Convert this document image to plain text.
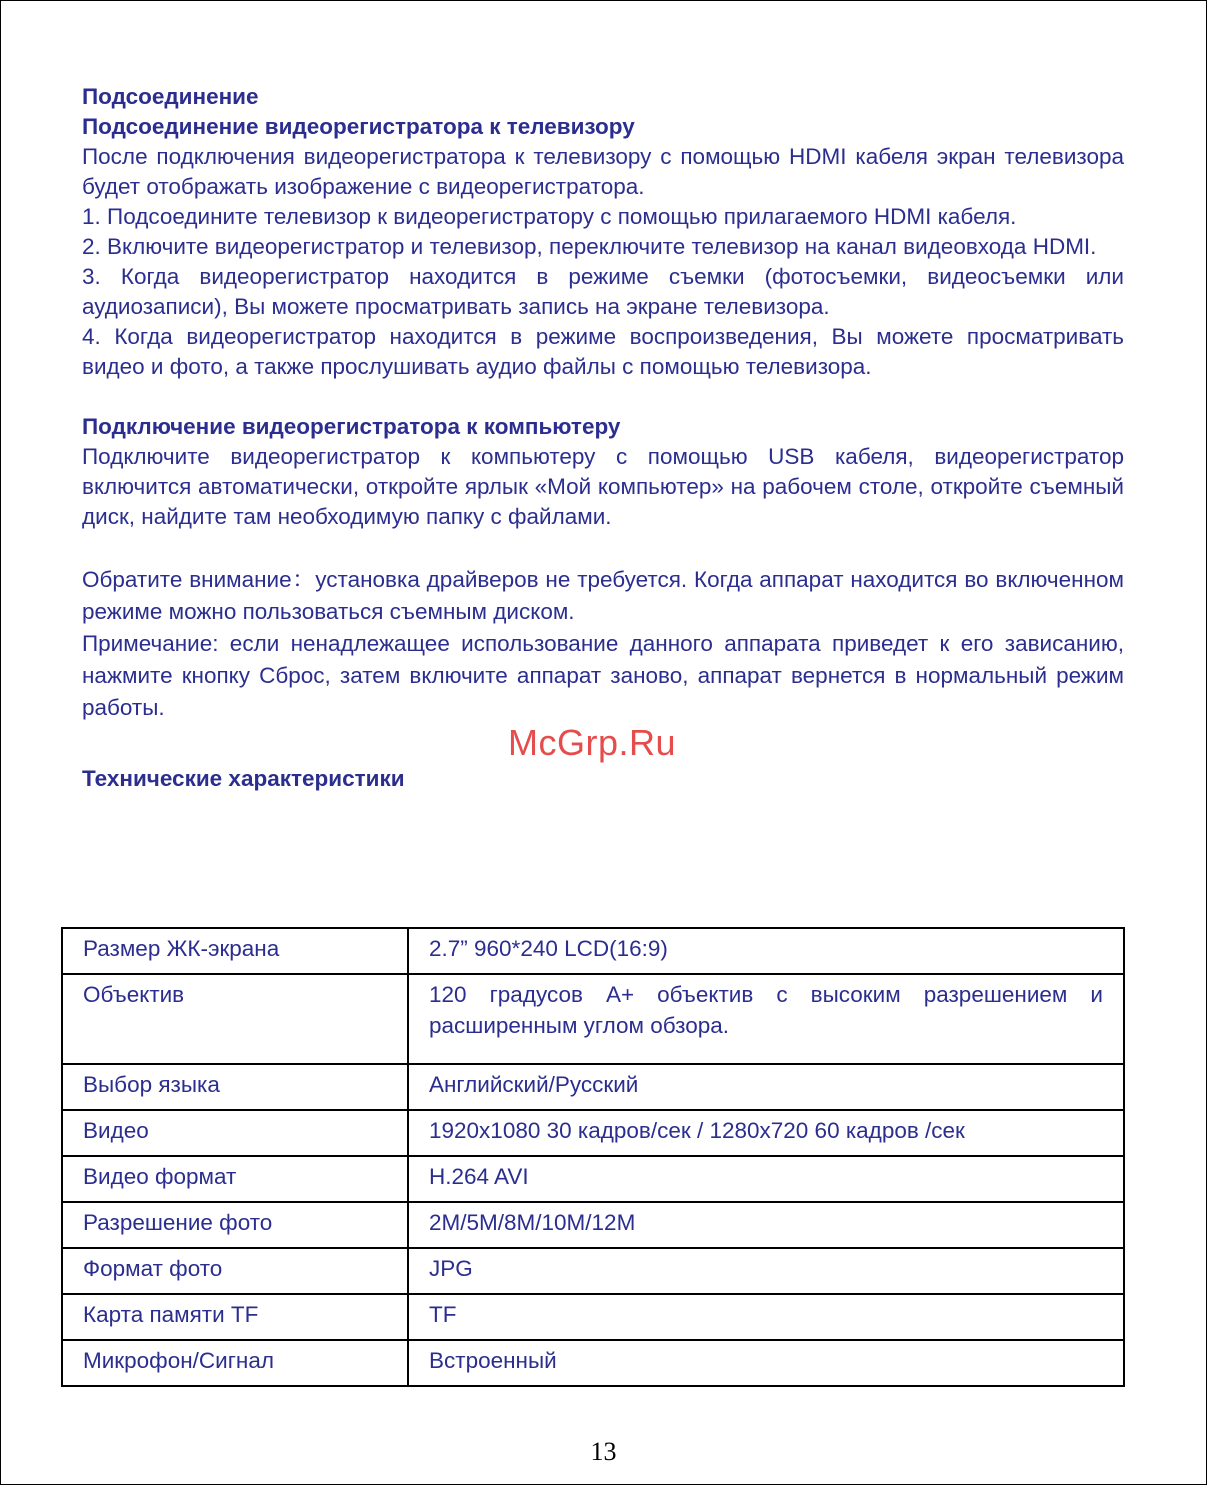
Подсоединение
Подсоединение видеорегистратора к телевизору

После подключения видеорегистратора к телевизору с помощью HDMI кабеля экран телевизора будет отображать изображение с видеорегистратора.

1. Подсоедините телевизор к видеорегистратору с помощью прилагаемого HDMI кабеля.

2. Включите видеорегистратор и телевизор, переключите телевизор на канал видеовхода HDMI.

3. Когда видеорегистратор находится в режиме съемки (фотосъемки, видеосъемки или аудиозаписи), Вы можете просматривать запись на экране телевизора.

4. Когда видеорегистратор находится в режиме воспроизведения, Вы можете просматривать видео и фото, а также прослушивать аудио файлы с помощью телевизора.

Подключение видеорегистратора к компьютеру

Подключите видеорегистратор к компьютеру с помощью USB кабеля, видеорегистратор включится автоматически, откройте ярлык «Мой компьютер» на рабочем столе, откройте съемный диск, найдите там необходимую папку с файлами.

Обратите внимание：установка драйверов не требуется. Когда аппарат находится во включенном режиме можно пользоваться съемным диском.

Примечание: если ненадлежащее использование данного аппарата приведет к его зависанию, нажмите кнопку Сброс, затем включите аппарат заново, аппарат вернется в нормальный режим работы.

Технические характеристики
Размер ЖК-экрана	2.7” 960*240 LCD(16:9)
Объектив	120 градусов A+ объектив с высоким разрешением и расширенным углом обзора.
Выбор языка	Английский/Русский
Видео	1920x1080 30 кадров/сек / 1280x720 60 кадров /сек
Видео формат	H.264 AVI
Разрешение фото	2M/5M/8M/10M/12M
Формат фото	JPG
Карта памяти TF	TF
Микрофон/Сигнал	Встроенный
McGrp.Ru
13
